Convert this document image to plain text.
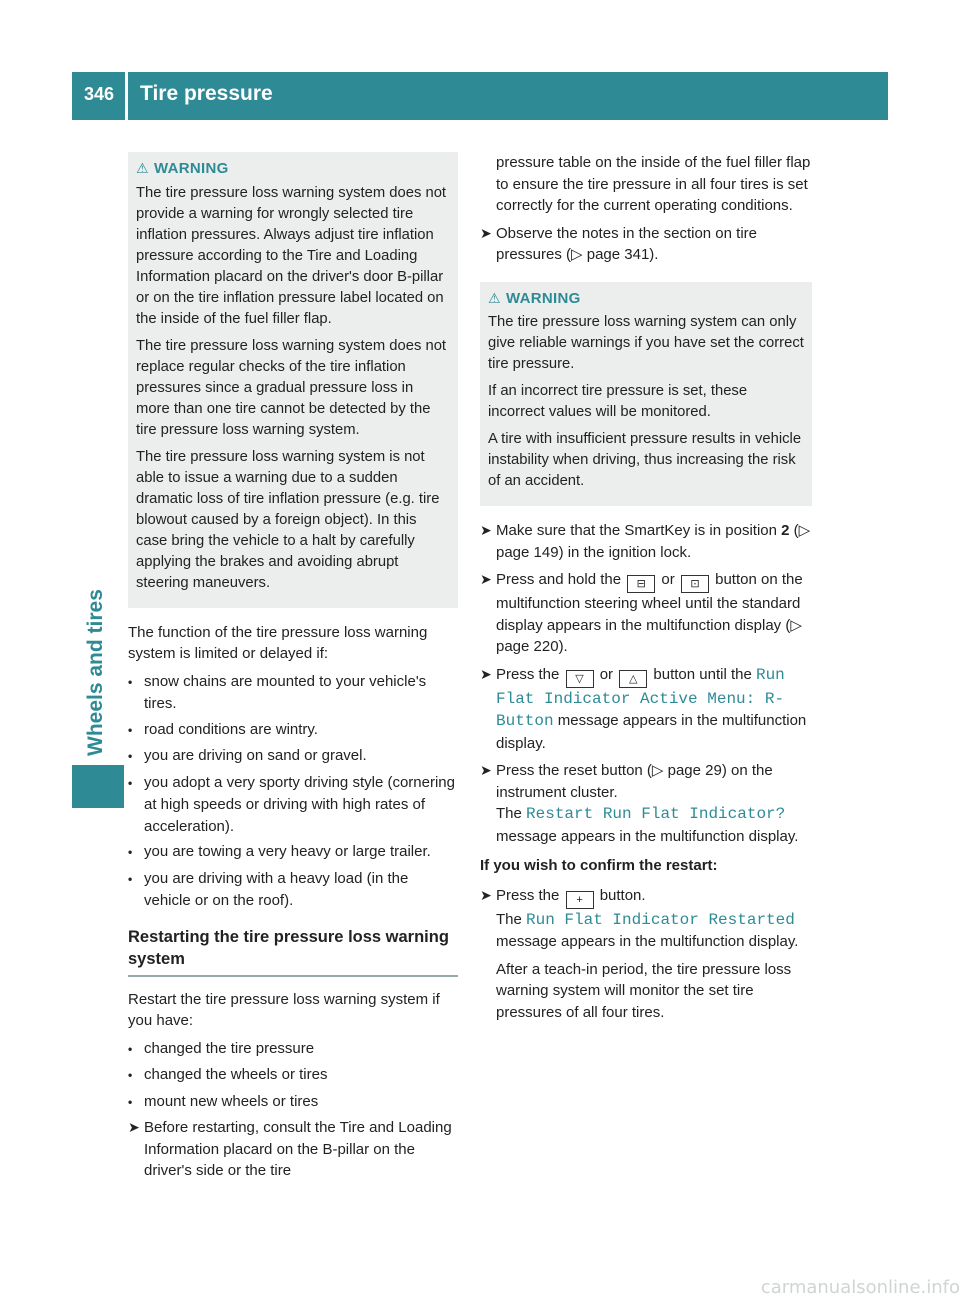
346 Tire pressure
Wheels and tires
⚠ WARNING

The tire pressure loss warning system does not provide a warning for wrongly selected tire inflation pressures. Always adjust tire inflation pressure according to the Tire and Loading Information placard on the driver's door B-pillar or on the tire inflation pressure label located on the inside of the fuel filler flap.

The tire pressure loss warning system does not replace regular checks of the tire inflation pressures since a gradual pressure loss in more than one tire cannot be detected by the tire pressure loss warning system.

The tire pressure loss warning system is not able to issue a warning due to a sudden dramatic loss of tire inflation pressure (e.g. tire blowout caused by a foreign object). In this case bring the vehicle to a halt by carefully applying the brakes and avoiding abrupt steering maneuvers.

The function of the tire pressure loss warning system is limited or delayed if:

• snow chains are mounted to your vehicle's tires.
• road conditions are wintry.
• you are driving on sand or gravel.
• you adopt a very sporty driving style (cornering at high speeds or driving with high rates of acceleration).
• you are towing a very heavy or large trailer.
• you are driving with a heavy load (in the vehicle or on the roof).
Restarting the tire pressure loss warning system

Restart the tire pressure loss warning system if you have:

• changed the tire pressure
• changed the wheels or tires
• mount new wheels or tires
➤ Before restarting, consult the Tire and Loading Information placard on the B-pillar on the driver's side or the tire
pressure table on the inside of the fuel filler flap to ensure the tire pressure in all four tires is set correctly for the current operating conditions.
➤ Observe the notes in the section on tire pressures (▷ page 341).
⚠ WARNING

The tire pressure loss warning system can only give reliable warnings if you have set the correct tire pressure.

If an incorrect tire pressure is set, these incorrect values will be monitored.

A tire with insufficient pressure results in vehicle instability when driving, thus increasing the risk of an accident.

➤ Make sure that the SmartKey is in position 2 (▷ page 149) in the ignition lock.
➤ Press and hold the ⊟ or ⊡ button on the multifunction steering wheel until the standard display appears in the multifunction display (▷ page 220).
➤ Press the ▽ or △ button until the Run Flat Indicator Active Menu: R-Button message appears in the multifunction display.
➤ Press the reset button (▷ page 29) on the instrument cluster.
The Restart Run Flat Indicator? message appears in the multifunction display.
If you wish to confirm the restart:
➤ Press the + button.
The Run Flat Indicator Restarted message appears in the multifunction display.
After a teach-in period, the tire pressure loss warning system will monitor the set tire pressures of all four tires.
carmanualsonline.info
